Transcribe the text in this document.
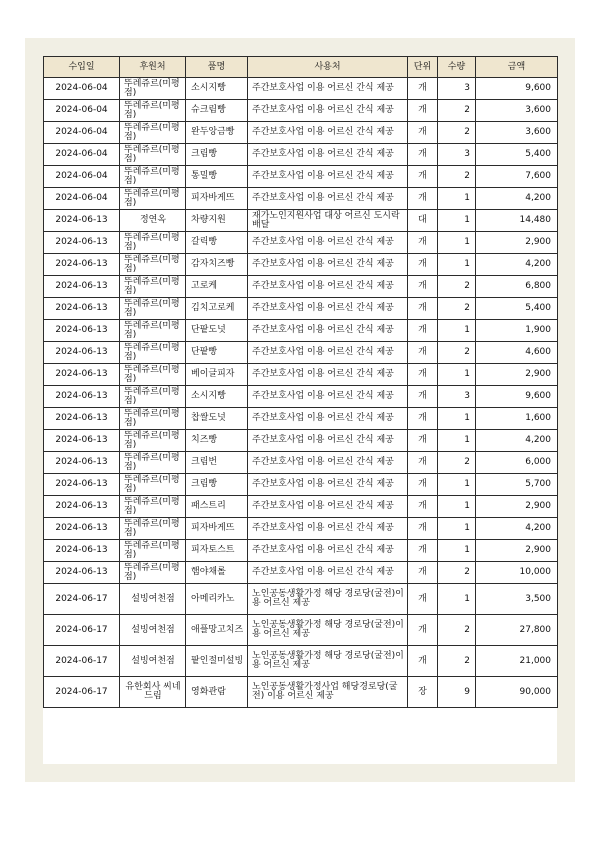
수입일	후원처	품명	사용처	단위	수량	금액
2024-06-04	뚜레쥬르(미평점)	소시지빵	주간보호사업 이용 어르신 간식 제공	개	3	9,600
2024-06-04	뚜레쥬르(미평점)	슈크림빵	주간보호사업 이용 어르신 간식 제공	개	2	3,600
2024-06-04	뚜레쥬르(미평점)	완두앙금빵	주간보호사업 이용 어르신 간식 제공	개	2	3,600
2024-06-04	뚜레쥬르(미평점)	크림빵	주간보호사업 이용 어르신 간식 제공	개	3	5,400
2024-06-04	뚜레쥬르(미평점)	통밀빵	주간보호사업 이용 어르신 간식 제공	개	2	7,600
2024-06-04	뚜레쥬르(미평점)	피자바게뜨	주간보호사업 이용 어르신 간식 제공	개	1	4,200
2024-06-13	정연옥	차량지원	재가노인지원사업 대상 어르신 도시락 배달	대	1	14,480
2024-06-13	뚜레쥬르(미평점)	갈릭빵	주간보호사업 이용 어르신 간식 제공	개	1	2,900
2024-06-13	뚜레쥬르(미평점)	감자치즈빵	주간보호사업 이용 어르신 간식 제공	개	1	4,200
2024-06-13	뚜레쥬르(미평점)	고로케	주간보호사업 이용 어르신 간식 제공	개	2	6,800
2024-06-13	뚜레쥬르(미평점)	김치고로케	주간보호사업 이용 어르신 간식 제공	개	2	5,400
2024-06-13	뚜레쥬르(미평점)	단팥도넛	주간보호사업 이용 어르신 간식 제공	개	1	1,900
2024-06-13	뚜레쥬르(미평점)	단팥빵	주간보호사업 이용 어르신 간식 제공	개	2	4,600
2024-06-13	뚜레쥬르(미평점)	베이글피자	주간보호사업 이용 어르신 간식 제공	개	1	2,900
2024-06-13	뚜레쥬르(미평점)	소시지빵	주간보호사업 이용 어르신 간식 제공	개	3	9,600
2024-06-13	뚜레쥬르(미평점)	찹쌀도넛	주간보호사업 이용 어르신 간식 제공	개	1	1,600
2024-06-13	뚜레쥬르(미평점)	치즈빵	주간보호사업 이용 어르신 간식 제공	개	1	4,200
2024-06-13	뚜레쥬르(미평점)	크림번	주간보호사업 이용 어르신 간식 제공	개	2	6,000
2024-06-13	뚜레쥬르(미평점)	크림빵	주간보호사업 이용 어르신 간식 제공	개	1	5,700
2024-06-13	뚜레쥬르(미평점)	패스트리	주간보호사업 이용 어르신 간식 제공	개	1	2,900
2024-06-13	뚜레쥬르(미평점)	피자바게뜨	주간보호사업 이용 어르신 간식 제공	개	1	4,200
2024-06-13	뚜레쥬르(미평점)	피자토스트	주간보호사업 이용 어르신 간식 제공	개	1	2,900
2024-06-13	뚜레쥬르(미평점)	햄야채롤	주간보호사업 이용 어르신 간식 제공	개	2	10,000
2024-06-17	설빙여천점	아메리카노	노인공동생활가정 해당 경로당(굴전)이용 어르신 제공	개	1	3,500
2024-06-17	설빙여천점	애플망고치즈	노인공동생활가정 해당 경로당(굴전)이용 어르신 제공	개	2	27,800
2024-06-17	설빙여천점	팥인절미설빙	노인공동생활가정 해당 경로당(굴전)이용 어르신 제공	개	2	21,000
2024-06-17	유한회사 씨네드림	영화관람	노인공동생활가정사업 해당경로당(굴전) 이용 어르신 제공	장	9	90,000
